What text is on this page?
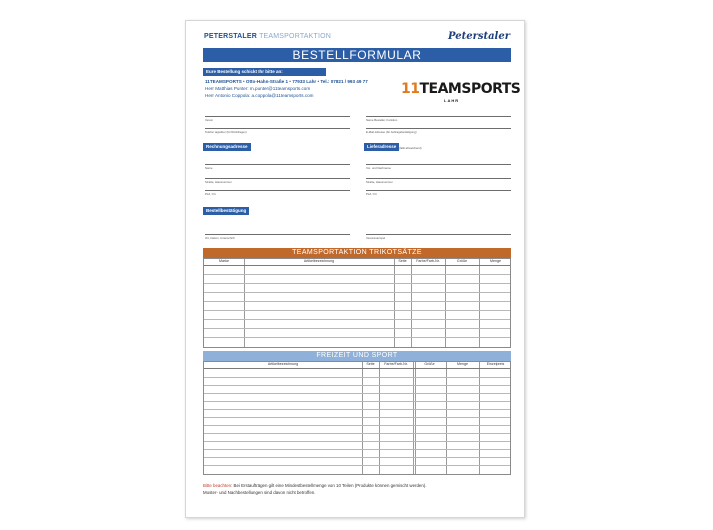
PETERSTALER TEAMSPORTAKTION	Peterstaler
BESTELLFORMULAR
Eure Bestellung schickt Ihr bitte an:
11TEAMSPORTS • Otto-Hahn-Straße 1 • 77933 Lahr • Tel.: 07821 / 993 49 77
Herr Matthias Punter: m.punter@11teamsports.com
Herr Antonio Coppola: a.coppola@11teamsports.com	11TEAMSPORTS
LAHR
Verein	Name Besteller, Funktion
Telefon tagsüber (für Rückfragen)	E-Mail-Adresse (für Auftragsbestätigung)
Rechnungsadresse
Name
Straße, Hausnummer
PLZ, Ort
Lieferadresse (falls abweichend)
Vor- und Nachname
Straße, Hausnummer
PLZ, Ort
Bestellbestätigung
Ort, Datum, Unterschrift	Vereinsstempel
TEAMSPORTAKTION TRIKOTSÄTZE
Marke	Artikelbezeichnung	Seite	Farbe/Farb-Nr.	Größe	Menge
FREIZEIT UND SPORT
Artikelbezeichnung	Seite	Farbe/Farb-Nr.	Größe	Menge	Einzelpreis
Bitte beachten: Bei Erstaufträgen gilt eine Mindestbestellmenge von 10 Teilen (Produkte können gemischt werden).
Muster- und Nachbestellungen sind davon nicht betroffen.
